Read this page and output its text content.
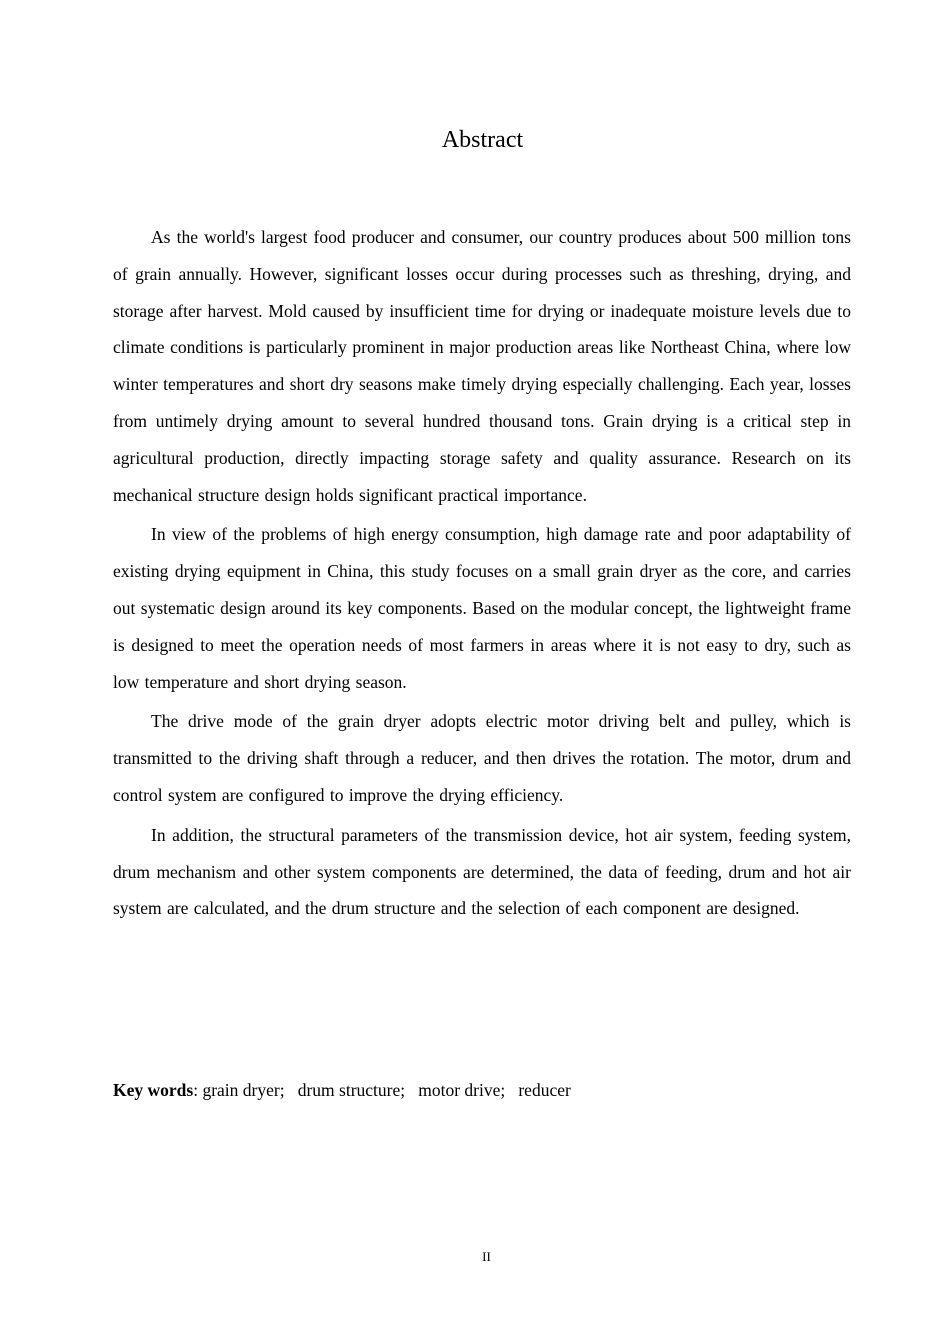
Abstract

As the world's largest food producer and consumer, our country produces about 500 million tons of grain annually. However, significant losses occur during processes such as threshing, drying, and storage after harvest. Mold caused by insufficient time for drying or inadequate moisture levels due to climate conditions is particularly prominent in major production areas like Northeast China, where low winter temperatures and short dry seasons make timely drying especially challenging. Each year, losses from untimely drying amount to several hundred thousand tons. Grain drying is a critical step in agricultural production, directly impacting storage safety and quality assurance. Research on its mechanical structure design holds significant practical importance.

In view of the problems of high energy consumption, high damage rate and poor adaptability of existing drying equipment in China, this study focuses on a small grain dryer as the core, and carries out systematic design around its key components. Based on the modular concept, the lightweight frame is designed to meet the operation needs of most farmers in areas where it is not easy to dry, such as low temperature and short drying season.

The drive mode of the grain dryer adopts electric motor driving belt and pulley, which is transmitted to the driving shaft through a reducer, and then drives the rotation. The motor, drum and control system are configured to improve the drying efficiency.

In addition, the structural parameters of the transmission device, hot air system, feeding system, drum mechanism and other system components are determined, the data of feeding, drum and hot air system are calculated, and the drum structure and the selection of each component are designed.

Key words: grain dryer; drum structure; motor drive; reducer

II
